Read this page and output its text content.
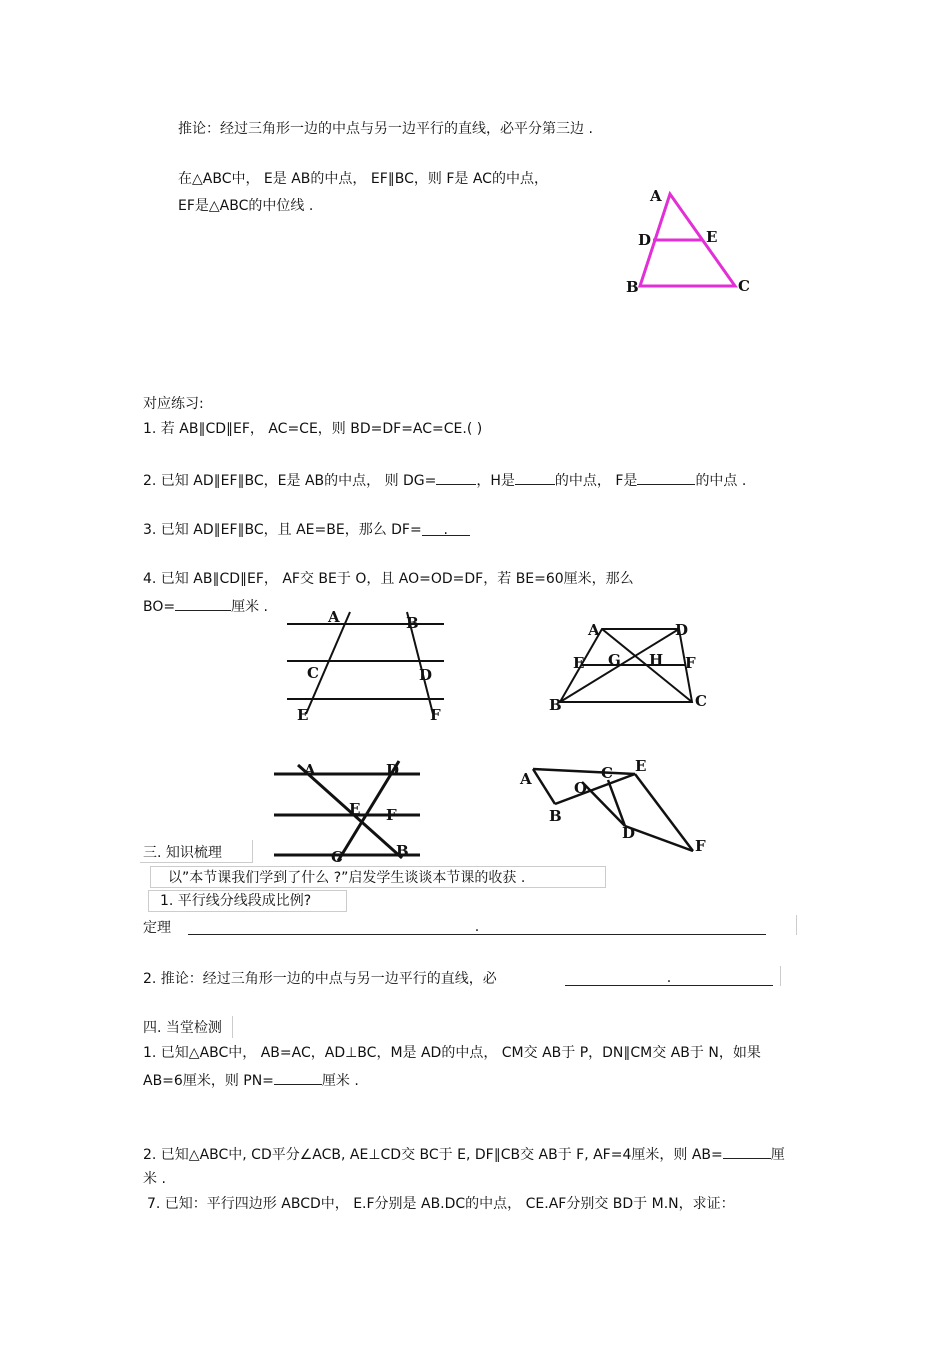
推论：经过三角形一边的中点与另一边平行的直线，必平分第三边 .
在△ABC中， E是 AB的中点， EF∥BC，则 F是 AC的中点，
EF是△ABC的中位线 .
A
D	E
B	C
对应练习:
1. 若 AB∥CD∥EF， AC=CE，则 BD=DF=AC=CE.( )
2. 已知 AD∥EF∥BC，E是 AB的中点， 则 DG=	，H是	的中点， F是	的中点 .
3. 已知 AD∥EF∥BC，且 AE=BE，那么 DF= .
4. 已知 AB∥CD∥EF， AF交 BE于 O，且 AO=OD=DF，若 BE=60厘米，那么
BO=	厘米 .
A	B
C	D
E	F
A	D
E G H F
B	C
A	D
E F
C	B
A
B
O
C E
D
F
三. 知识梳理
以”本节课我们学到了什么 ?”启发学生谈谈本节课的收获 .
1. 平行线分线段成比例?
定理	.
2. 推论：经过三角形一边的中点与另一边平行的直线，必	.
四. 当堂检测
1. 已知△ABC中， AB=AC，AD⊥BC，M是 AD的中点， CM交 AB于 P，DN∥CM交 AB于 N，如果
AB=6厘米，则 PN=	厘米 .
2. 已知△ABC中, CD平分∠ACB, AE⊥CD交 BC于 E, DF∥CB交 AB于 F, AF=4厘米，则 AB=	厘
米 .
7. 已知：平行四边形 ABCD中， E.F分别是 AB.DC的中点， CE.AF分别交 BD于 M.N，求证：
